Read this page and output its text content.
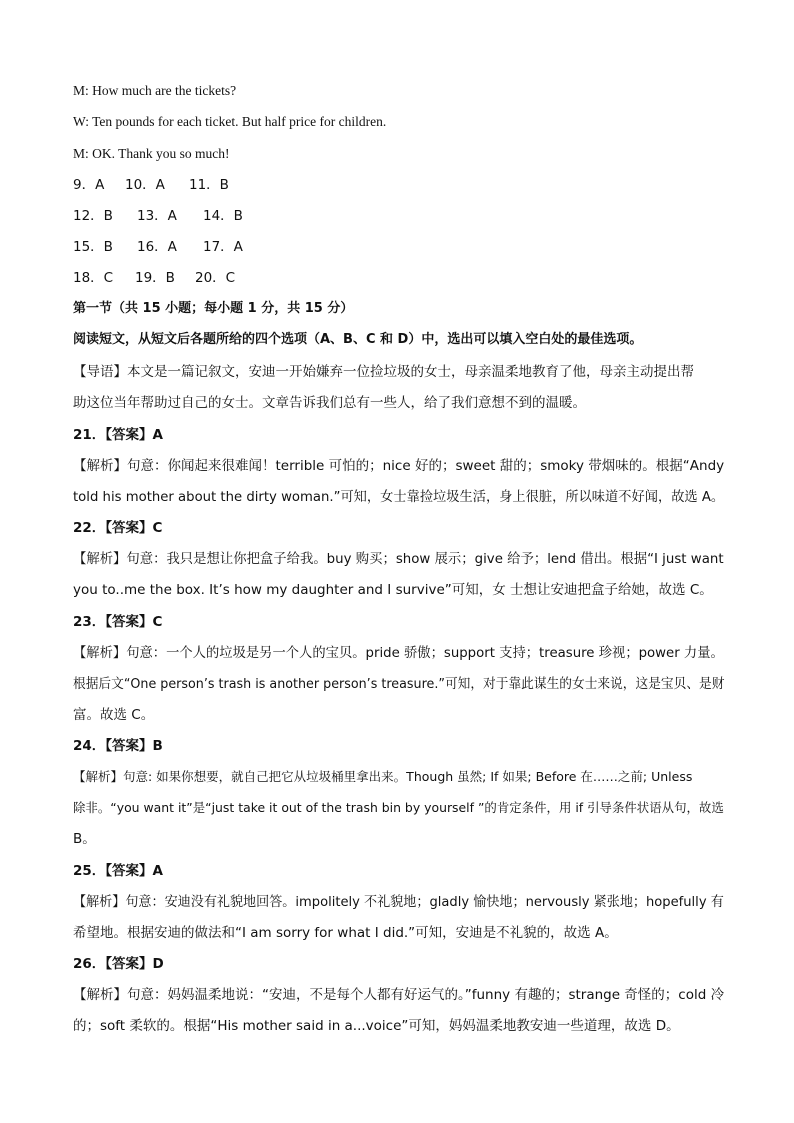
M: How much are the tickets?
W: Ten pounds for each ticket. But half price for children.
M: OK. Thank you so much!
9．A 10．A 11．B
12．B 13．A 14．B
15．B 16．A 17．A
18．C 19．B 20．C
第一节（共 15 小题；每小题 1 分，共 15 分）
阅读短文，从短文后各题所给的四个选项（A、B、C 和 D）中，选出可以填入空白处的最佳选项。
【导语】本文是一篇记叙文，安迪一开始嫌弃一位捡垃圾的女士，母亲温柔地教育了他，母亲主动提出帮
助这位当年帮助过自己的女士。文章告诉我们总有一些人，给了我们意想不到的温暖。
21．【答案】A
【解析】句意：你闻起来很难闻！terrible 可怕的；nice 好的；sweet 甜的；smoky 带烟味的。根据“Andy
told his mother about the dirty woman.”可知，女士靠捡垃圾生活，身上很脏，所以味道不好闻，故选 A。
22．【答案】C
【解析】句意：我只是想让你把盒子给我。buy 购买；show 展示；give 给予；lend 借出。根据“I just want
you to..me the box. It’s how my daughter and I survive”可知，女 士想让安迪把盒子给她，故选 C。
23．【答案】C
【解析】句意：一个人的垃圾是另一个人的宝贝。pride 骄傲；support 支持；treasure 珍视；power 力量。
根据后文“One person’s trash is another person’s treasure.”可知，对于靠此谋生的女士来说，这是宝贝、是财
富。故选 C。
24．【答案】B
【解析】句意: 如果你想要，就自己把它从垃圾桶里拿出来。Though 虽然; If 如果; Before 在……之前; Unless
除非。“you want it”是“just take it out of the trash bin by yourself ”的肯定条件，用 if 引导条件状语从句，故选
B。
25．【答案】A
【解析】句意：安迪没有礼貌地回答。impolitely 不礼貌地；gladly 愉快地；nervously 紧张地；hopefully 有
希望地。根据安迪的做法和“I am sorry for what I did.”可知，安迪是不礼貌的，故选 A。
26．【答案】D
【解析】句意：妈妈温柔地说：“安迪，不是每个人都有好运气的。”funny 有趣的；strange 奇怪的；cold 冷
的；soft 柔软的。根据“His mother said in a...voice”可知，妈妈温柔地教安迪一些道理，故选 D。
